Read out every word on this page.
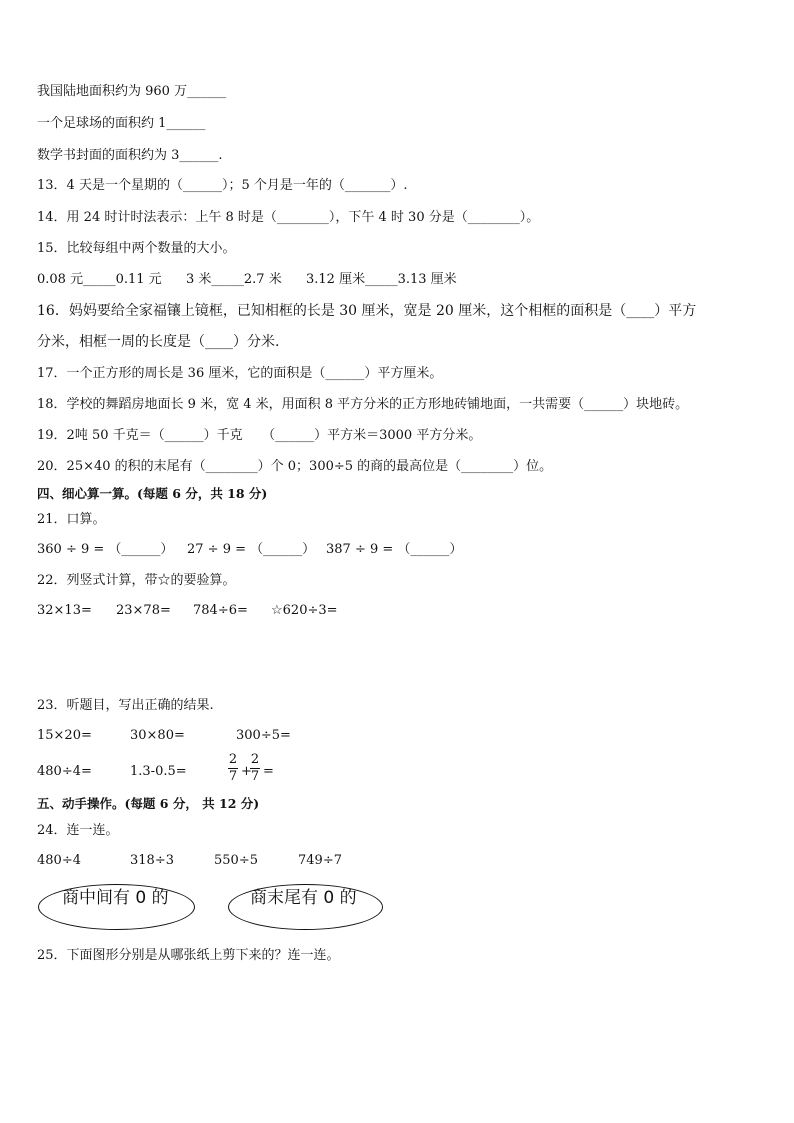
我国陆地面积约为 960 万______
一个足球场的面积约 1______
数学书封面的面积约为 3______.
13．4 天是一个星期的（______）；5 个月是一年的（_______）.
14．用 24 时计时法表示：上午 8 时是（________），下午 4 时 30 分是（________）。
15．比较每组中两个数量的大小。
0.08 元_____0.11 元 3 米_____2.7 米 3.12 厘米_____3.13 厘米
16．妈妈要给全家福镶上镜框，已知相框的长是 30 厘米，宽是 20 厘米，这个相框的面积是（____）平方
分米，相框一周的长度是（____）分米.
17．一个正方形的周长是 36 厘米，它的面积是（______）平方厘米。
18．学校的舞蹈房地面长 9 米，宽 4 米，用面积 8 平方分米的正方形地砖铺地面，一共需要（______）块地砖。
19．2吨 50 千克＝（______）千克　　（______）平方米＝3000 平方分米。
20．25×40 的积的末尾有（________）个 0；300÷5 的商的最高位是（________）位。
四、细心算一算。(每题 6 分，共 18 分)
21．口算。
360 ÷ 9 = （______） 27 ÷ 9 = （______） 387 ÷ 9 = （______）
22．列竖式计算，带☆的要验算。
32×13= 23×78= 784÷6= ☆620÷3=
23．听题目，写出正确的结果.
15×20=	30×80=	300÷5=
480÷4=	1.3-0.5=
2
7 +
2
7 =
五、动手操作。(每题 6 分， 共 12 分)
24．连一连。
480÷4	318÷3	550÷5	749÷7
商中间有 0 的	商末尾有 0 的
25．下面图形分别是从哪张纸上剪下来的？连一连。
